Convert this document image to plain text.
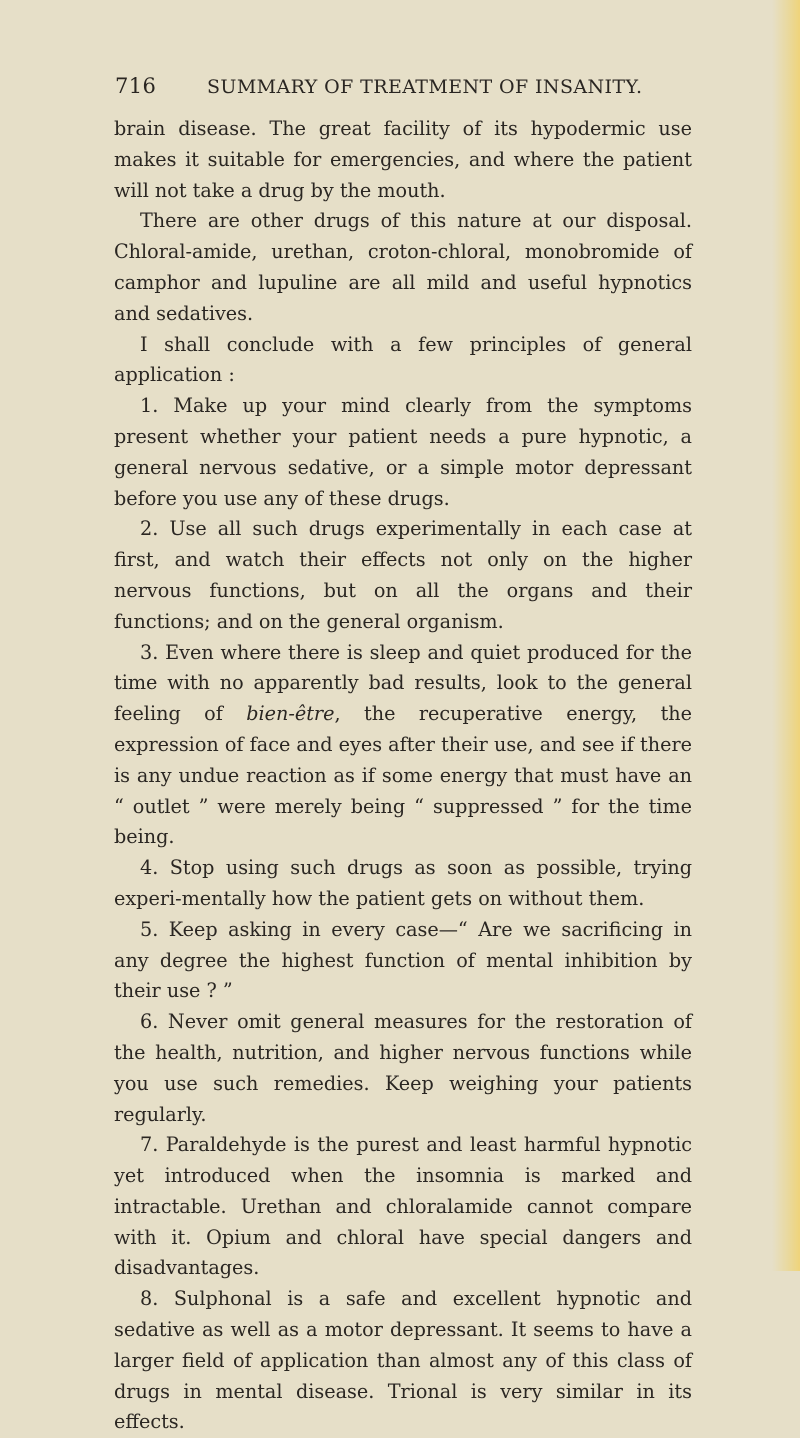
716	SUMMARY OF TREATMENT OF INSANITY.

brain disease. The great facility of its hypodermic use makes it suitable for emergencies, and where the patient will not take a drug by the mouth.

There are other drugs of this nature at our disposal. Chloral-amide, urethan, croton-chloral, monobromide of camphor and lupuline are all mild and useful hypnotics and sedatives.

I shall conclude with a few principles of general application :

1. Make up your mind clearly from the symptoms present whether your patient needs a pure hypnotic, a general nervous sedative, or a simple motor depressant before you use any of these drugs.

2. Use all such drugs experimentally in each case at first, and watch their effects not only on the higher nervous functions, but on all the organs and their functions; and on the general organism.

3. Even where there is sleep and quiet produced for the time with no apparently bad results, look to the general feeling of bien-être, the recuperative energy, the expression of face and eyes after their use, and see if there is any undue reaction as if some energy that must have an “ outlet ” were merely being “ suppressed ” for the time being.

4. Stop using such drugs as soon as possible, trying experi-mentally how the patient gets on without them.

5. Keep asking in every case—“ Are we sacrificing in any degree the highest function of mental inhibition by their use ? ”

6. Never omit general measures for the restoration of the health, nutrition, and higher nervous functions while you use such remedies. Keep weighing your patients regularly.

7. Paraldehyde is the purest and least harmful hypnotic yet introduced when the insomnia is marked and intractable. Urethan and chloralamide cannot compare with it. Opium and chloral have special dangers and disadvantages.

8. Sulphonal is a safe and excellent hypnotic and sedative as well as a motor depressant. It seems to have a larger field of application than almost any of this class of drugs in mental disease. Trional is very similar in its effects.
